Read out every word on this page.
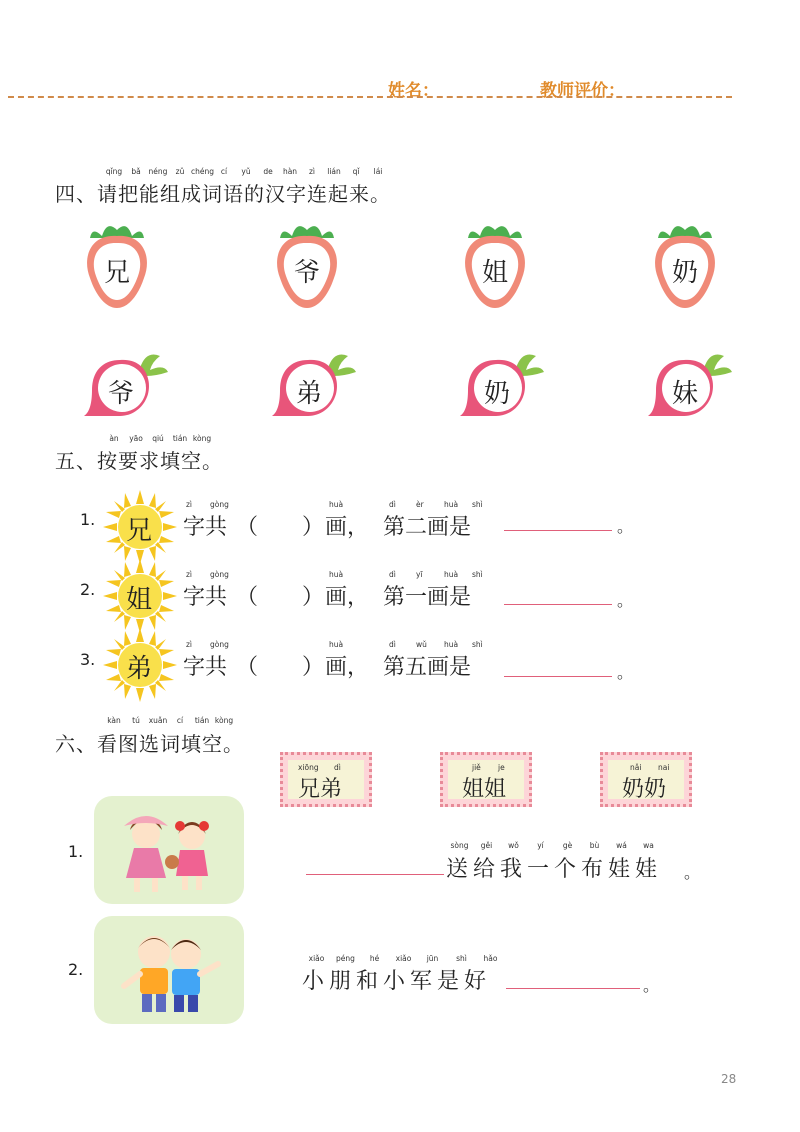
姓名：	教师评价：
qǐng	bǎ	néng	zǔ chéng cí	yǔ	de	hàn	zì	lián	qǐ	lái
四、请把能组成词语的汉字连起来。
兄	爷	姐	奶
爷	弟	奶	妹
àn	yāo	qiú	tián kòng
五、按要求填空。
1. 兄
zì gòng
字共 （　　）
huà
画，
dì	èr	huà shì
第二画是	。
2. 姐
zì gòng
字共 （　　）
huà
画，
dì	yī	huà shì
第一画是	。
3. 弟
zì gòng
字共 （　　）
huà
画，
dì	wǔ huà shì
第五画是	。
kàn	tú	xuǎn	cí	tián kòng
六、看图选词填空。
xiōng dì
兄弟
jiě je
姐姐
nǎi nai
奶奶
1.	sòng	gěi	wǒ	yí	gè	bù	wá	wa
送给我一个布娃娃 。
2.
xiǎo	péng	hé	xiǎo	jūn	shì	hǎo
小朋和小军是好	。
28
